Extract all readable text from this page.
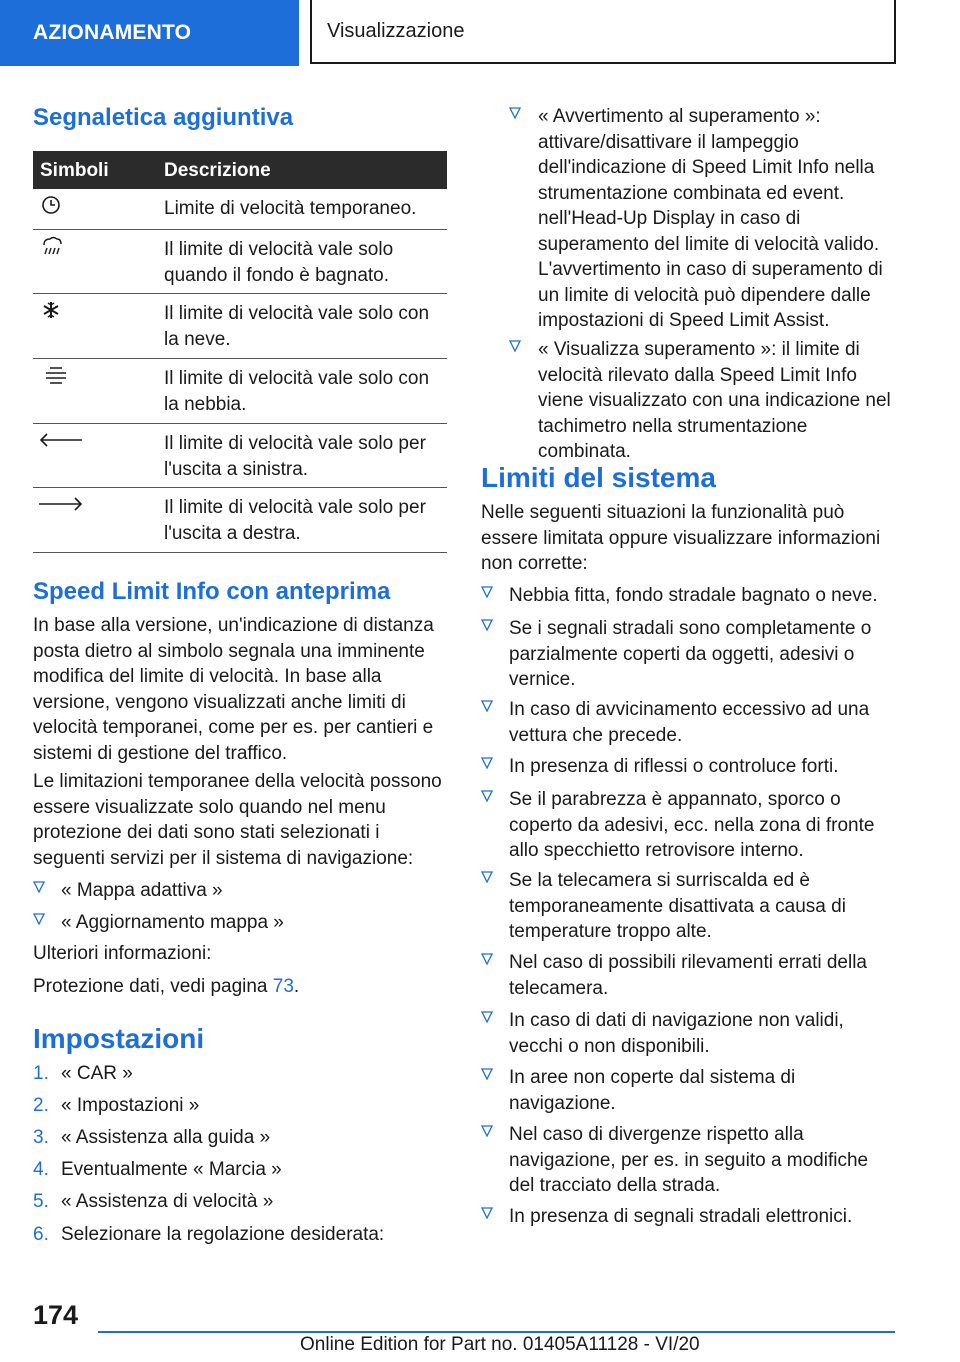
AZIONAMENTO	Visualizzazione
Segnaletica aggiuntiva
Simboli	Descrizione
Limite di velocità temporaneo.
Il limite di velocità vale solo quando il fondo è bagnato.
Il limite di velocità vale solo con la neve.
Il limite di velocità vale solo con la nebbia.
Il limite di velocità vale solo per l'uscita a sinistra.
Il limite di velocità vale solo per l'uscita a destra.
Speed Limit Info con anteprima

In base alla versione, un'indicazione di distanza posta dietro al simbolo segnala una imminente modifica del limite di velocità. In base alla versione, vengono visualizzati anche limiti di velocità temporanei, come per es. per cantieri e sistemi di gestione del traffico.

Le limitazioni temporanee della velocità possono essere visualizzate solo quando nel menu protezione dei dati sono stati selezionati i seguenti servizi per il sistema di navigazione:

« Mappa adattiva »
« Aggiornamento mappa »

Ulteriori informazioni:

Protezione dati, vedi pagina 73.

Impostazioni
1. « CAR »
2. « Impostazioni »
3. « Assistenza alla guida »
4. Eventualmente « Marcia »
5. « Assistenza di velocità »
6. Selezionare la regolazione desiderata:
« Avvertimento al superamento »: attivare/disattivare il lampeggio dell'indicazione di Speed Limit Info nella strumentazione combinata ed event. nell'Head-Up Display in caso di superamento del limite di velocità valido. L'avvertimento in caso di superamento di un limite di velocità può dipendere dalle impostazioni di Speed Limit Assist.
« Visualizza superamento »: il limite di velocità rilevato dalla Speed Limit Info viene visualizzato con una indicazione nel tachimetro nella strumentazione combinata.
Limiti del sistema

Nelle seguenti situazioni la funzionalità può essere limitata oppure visualizzare informazioni non corrette:

Nebbia fitta, fondo stradale bagnato o neve.
Se i segnali stradali sono completamente o parzialmente coperti da oggetti, adesivi o vernice.
In caso di avvicinamento eccessivo ad una vettura che precede.
In presenza di riflessi o controluce forti.
Se il parabrezza è appannato, sporco o coperto da adesivi, ecc. nella zona di fronte allo specchietto retrovisore interno.
Se la telecamera si surriscalda ed è temporaneamente disattivata a causa di temperature troppo alte.
Nel caso di possibili rilevamenti errati della telecamera.
In caso di dati di navigazione non validi, vecchi o non disponibili.
In aree non coperte dal sistema di navigazione.
Nel caso di divergenze rispetto alla navigazione, per es. in seguito a modifiche del tracciato della strada.
In presenza di segnali stradali elettronici.
174
Online Edition for Part no. 01405A11128 - VI/20
